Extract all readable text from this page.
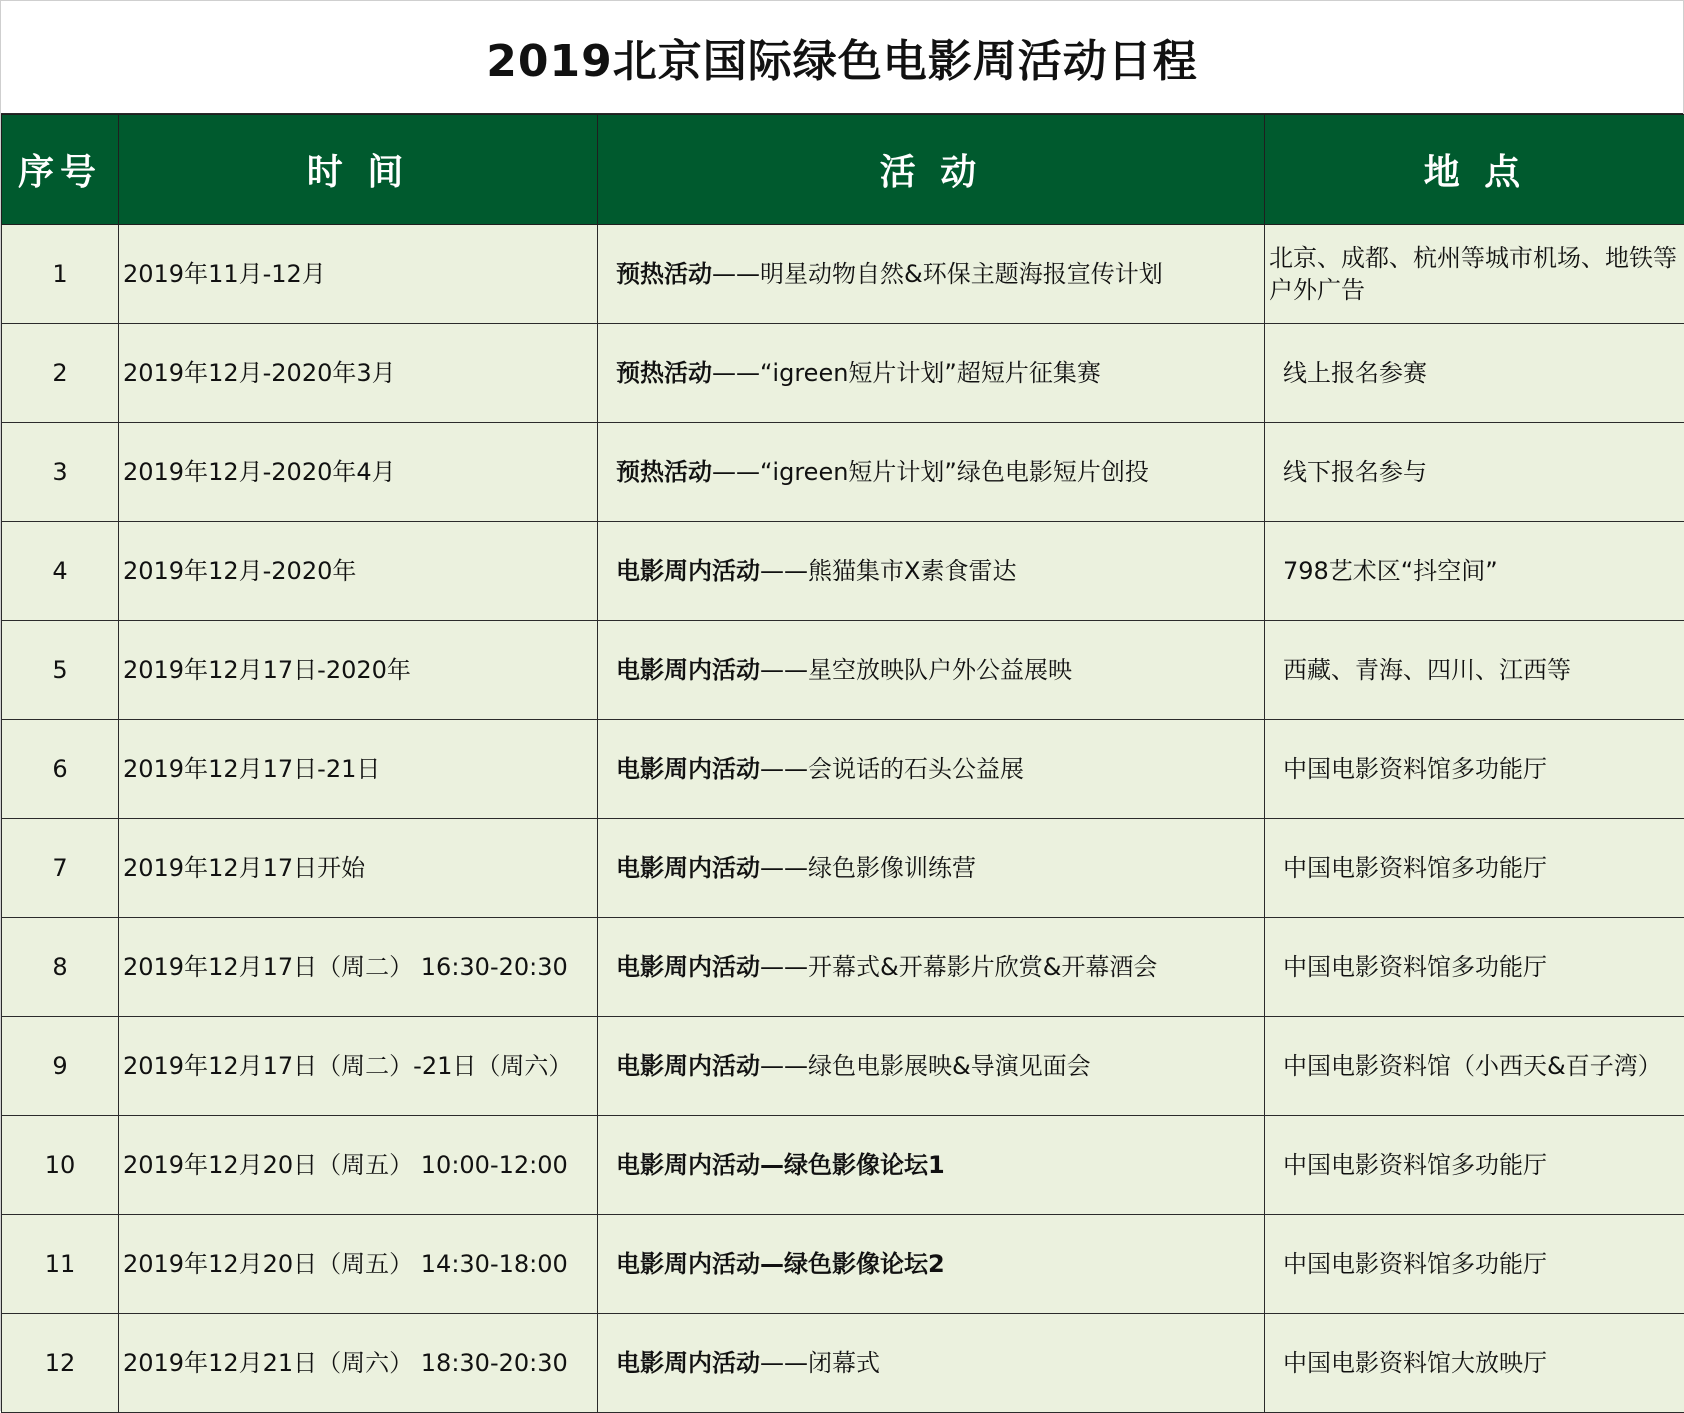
2019北京国际绿色电影周活动日程
序号	时 间	活 动	地 点
1	2019年11月-12月	预热活动——明星动物自然&环保主题海报宣传计划	北京、成都、杭州等城市机场、地铁等户外广告
2	2019年12月-2020年3月	预热活动——“igreen短片计划”超短片征集赛	线上报名参赛
3	2019年12月-2020年4月	预热活动——“igreen短片计划”绿色电影短片创投	线下报名参与
4	2019年12月-2020年	电影周内活动——熊猫集市X素食雷达	798艺术区“抖空间”
5	2019年12月17日-2020年	电影周内活动——星空放映队户外公益展映	西藏、青海、四川、江西等
6	2019年12月17日-21日	电影周内活动——会说话的石头公益展	中国电影资料馆多功能厅
7	2019年12月17日开始	电影周内活动——绿色影像训练营	中国电影资料馆多功能厅
8	2019年12月17日（周二） 16:30-20:30	电影周内活动——开幕式&开幕影片欣赏&开幕酒会	中国电影资料馆多功能厅
9	2019年12月17日（周二）-21日（周六）	电影周内活动——绿色电影展映&导演见面会	中国电影资料馆（小西天&百子湾）
10	2019年12月20日（周五） 10:00-12:00	电影周内活动—绿色影像论坛1	中国电影资料馆多功能厅
11	2019年12月20日（周五） 14:30-18:00	电影周内活动—绿色影像论坛2	中国电影资料馆多功能厅
12	2019年12月21日（周六） 18:30-20:30	电影周内活动——闭幕式	中国电影资料馆大放映厅
